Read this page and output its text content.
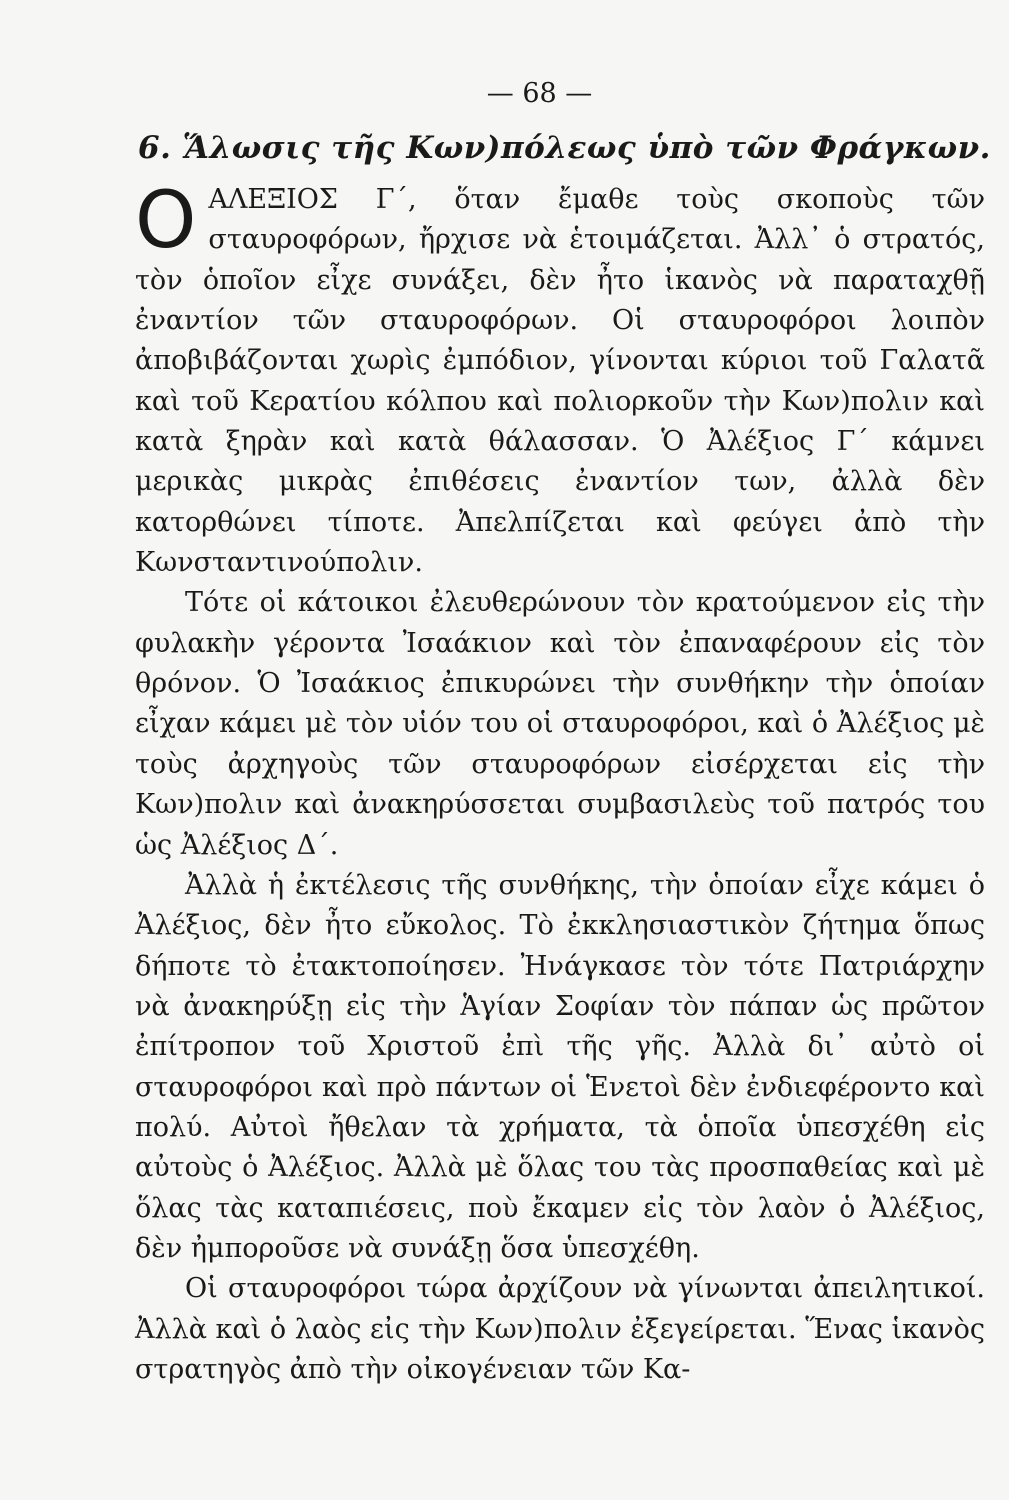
— 68 —
6. Ἅλωσις τῆς Κων)πόλεως ὑπὸ τῶν Φράγκων.

ΟΑΛΕΞΙΟΣ Γ΄, ὅταν ἔμαθε τοὺς σκοποὺς τῶν σταυροφόρων, ἤρχισε νὰ ἑτοιμάζεται. Ἀλλ᾽ ὁ στρατός, τὸν ὁποῖον εἶχε συνάξει, δὲν ἦτο ἱκανὸς νὰ παραταχθῇ ἐναντίον τῶν σταυροφόρων. Οἱ σταυροφόροι λοιπὸν ἀποβιβάζονται χωρὶς ἐμπόδιον, γίνονται κύριοι τοῦ Γαλατᾶ καὶ τοῦ Κερατίου κόλπου καὶ πολιορκοῦν τὴν Κων)πολιν καὶ κατὰ ξηρὰν καὶ κατὰ θάλασσαν. Ὁ Ἀλέξιος Γ΄ κάμνει μερικὰς μικρὰς ἐπιθέσεις ἐναντίον των, ἀλλὰ δὲν κατορθώνει τίποτε. Ἀπελπίζεται καὶ φεύγει ἀπὸ τὴν Κωνσταντινούπολιν.

Τότε οἱ κάτοικοι ἐλευθερώνουν τὸν κρατούμενον εἰς τὴν φυλακὴν γέροντα Ἰσαάκιον καὶ τὸν ἐπαναφέρουν εἰς τὸν θρόνον. Ὁ Ἰσαάκιος ἐπικυρώνει τὴν συνθήκην τὴν ὁποίαν εἶχαν κάμει μὲ τὸν υἱόν του οἱ σταυροφόροι, καὶ ὁ Ἀλέξιος μὲ τοὺς ἀρχηγοὺς τῶν σταυροφόρων εἰσέρχεται εἰς τὴν Κων)πολιν καὶ ἀνακηρύσσεται συμβασιλεὺς τοῦ πατρός του ὡς Ἀλέξιος Δ΄.

Ἀλλὰ ἡ ἐκτέλεσις τῆς συνθήκης, τὴν ὁποίαν εἶχε κάμει ὁ Ἀλέξιος, δὲν ἦτο εὔκολος. Τὸ ἐκκλησιαστικὸν ζήτημα ὅπως δήποτε τὸ ἐτακτοποίησεν. Ἠνάγκασε τὸν τότε Πατριάρχην νὰ ἀνακηρύξῃ εἰς τὴν Ἁγίαν Σοφίαν τὸν πάπαν ὡς πρῶτον ἐπίτροπον τοῦ Χριστοῦ ἐπὶ τῆς γῆς. Ἀλλὰ δι᾽ αὐτὸ οἱ σταυροφόροι καὶ πρὸ πάντων οἱ Ἑνετοὶ δὲν ἐνδιεφέροντο καὶ πολύ. Αὐτοὶ ἤθελαν τὰ χρήματα, τὰ ὁποῖα ὑπεσχέθη εἰς αὐτοὺς ὁ Ἀλέξιος. Ἀλλὰ μὲ ὅλας του τὰς προσπαθείας καὶ μὲ ὅλας τὰς καταπιέσεις, ποὺ ἔκαμεν εἰς τὸν λαὸν ὁ Ἀλέξιος, δὲν ἠμποροῦσε νὰ συνάξῃ ὅσα ὑπεσχέθη.

Οἱ σταυροφόροι τώρα ἀρχίζουν νὰ γίνωνται ἀπειλητικοί. Ἀλλὰ καὶ ὁ λαὸς εἰς τὴν Κων)πολιν ἐξεγείρεται. Ἕνας ἱκανὸς στρατηγὸς ἀπὸ τὴν οἰκογένειαν τῶν Κα-
